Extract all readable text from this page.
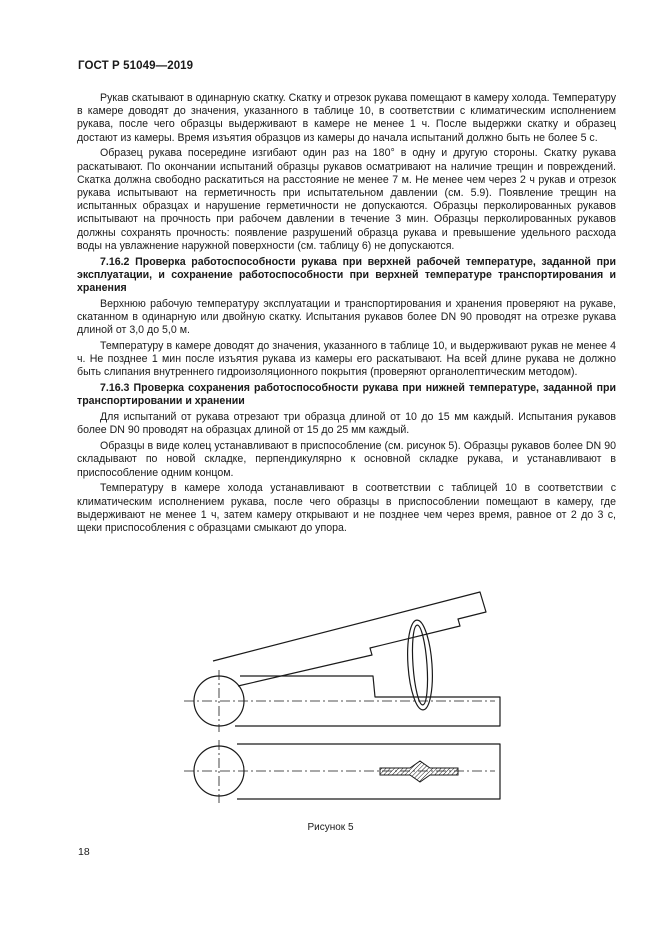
ГОСТ Р 51049—2019

Рукав скатывают в одинарную скатку. Скатку и отрезок рукава помещают в камеру холода. Температуру в камере доводят до значения, указанного в таблице 10, в соответствии с климатическим исполнением рукава, после чего образцы выдерживают в камере не менее 1 ч. После выдержки скатку и образец достают из камеры. Время изъятия образцов из камеры до начала испытаний должно быть не более 5 с.

Образец рукава посередине изгибают один раз на 180° в одну и другую стороны. Скатку рукава раскатывают. По окончании испытаний образцы рукавов осматривают на наличие трещин и повреждений. Скатка должна свободно раскатиться на расстояние не менее 7 м. Не менее чем через 2 ч рукав и отрезок рукава испытывают на герметичность при испытательном давлении (см. 5.9). Появление трещин на испытанных образцах и нарушение герметичности не допускаются. Образцы перколированных рукавов испытывают на прочность при рабочем давлении в течение 3 мин. Образцы перколированных рукавов должны сохранять прочность: появление разрушений образца рукава и превышение удельного расхода воды на увлажнение наружной поверхности (см. таблицу 6) не допускаются.

7.16.2 Проверка работоспособности рукава при верхней рабочей температуре, заданной при эксплуатации, и сохранение работоспособности при верхней температуре транспортирования и хранения

Верхнюю рабочую температуру эксплуатации и транспортирования и хранения проверяют на рукаве, скатанном в одинарную или двойную скатку. Испытания рукавов более DN 90 проводят на отрезке рукава длиной от 3,0 до 5,0 м.

Температуру в камере доводят до значения, указанного в таблице 10, и выдерживают рукав не менее 4 ч. Не позднее 1 мин после изъятия рукава из камеры его раскатывают. На всей длине рукава не должно быть слипания внутреннего гидроизоляционного покрытия (проверяют органолептическим методом).

7.16.3 Проверка сохранения работоспособности рукава при нижней температуре, заданной при транспортировании и хранении

Для испытаний от рукава отрезают три образца длиной от 10 до 15 мм каждый. Испытания рукавов более DN 90 проводят на образцах длиной от 15 до 25 мм каждый.

Образцы в виде колец устанавливают в приспособление (см. рисунок 5). Образцы рукавов более DN 90 складывают по новой складке, перпендикулярно к основной складке рукава, и устанавливают в приспособление одним концом.

Температуру в камере холода устанавливают в соответствии с таблицей 10 в соответствии с климатическим исполнением рукава, после чего образцы в приспособлении помещают в камеру, где выдерживают не менее 1 ч, затем камеру открывают и не позднее чем через время, равное от 2 до 3 с, щеки приспособления с образцами смыкают до упора.

Рисунок 5
18
